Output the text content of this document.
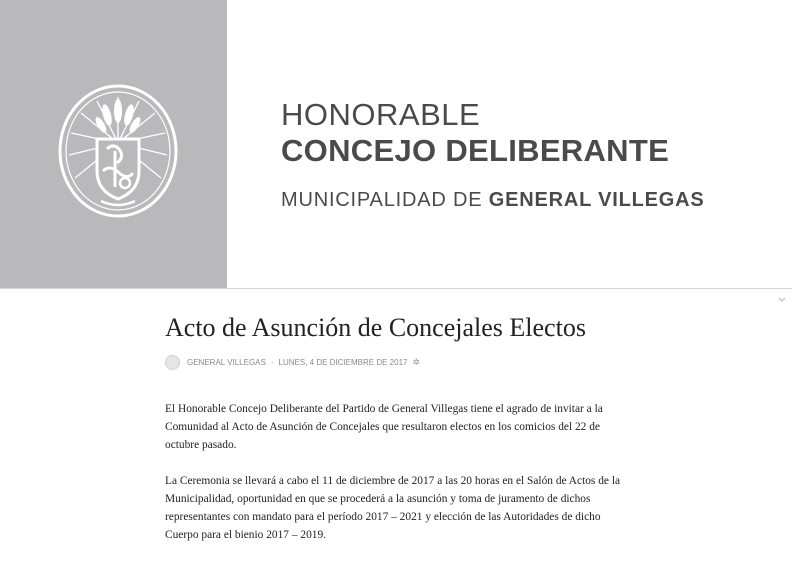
HONORABLE
CONCEJO DELIBERANTE
MUNICIPALIDAD DE GENERAL VILLEGAS
Acto de Asunción de Concejales Electos
GENERAL VILLEGAS · LUNES, 4 DE DICIEMBRE DE 2017 ✲

El Honorable Concejo Deliberante del Partido de General Villegas tiene el agrado de invitar a la Comunidad al Acto de Asunción de Concejales que resultaron electos en los comicios del 22 de octubre pasado.

La Ceremonia se llevará a cabo el 11 de diciembre de 2017 a las 20 horas en el Salón de Actos de la Municipalidad, oportunidad en que se procederá a la asunción y toma de juramento de dichos representantes con mandato para el período 2017 – 2021 y elección de las Autoridades de dicho Cuerpo para el bienio 2017 – 2019.
